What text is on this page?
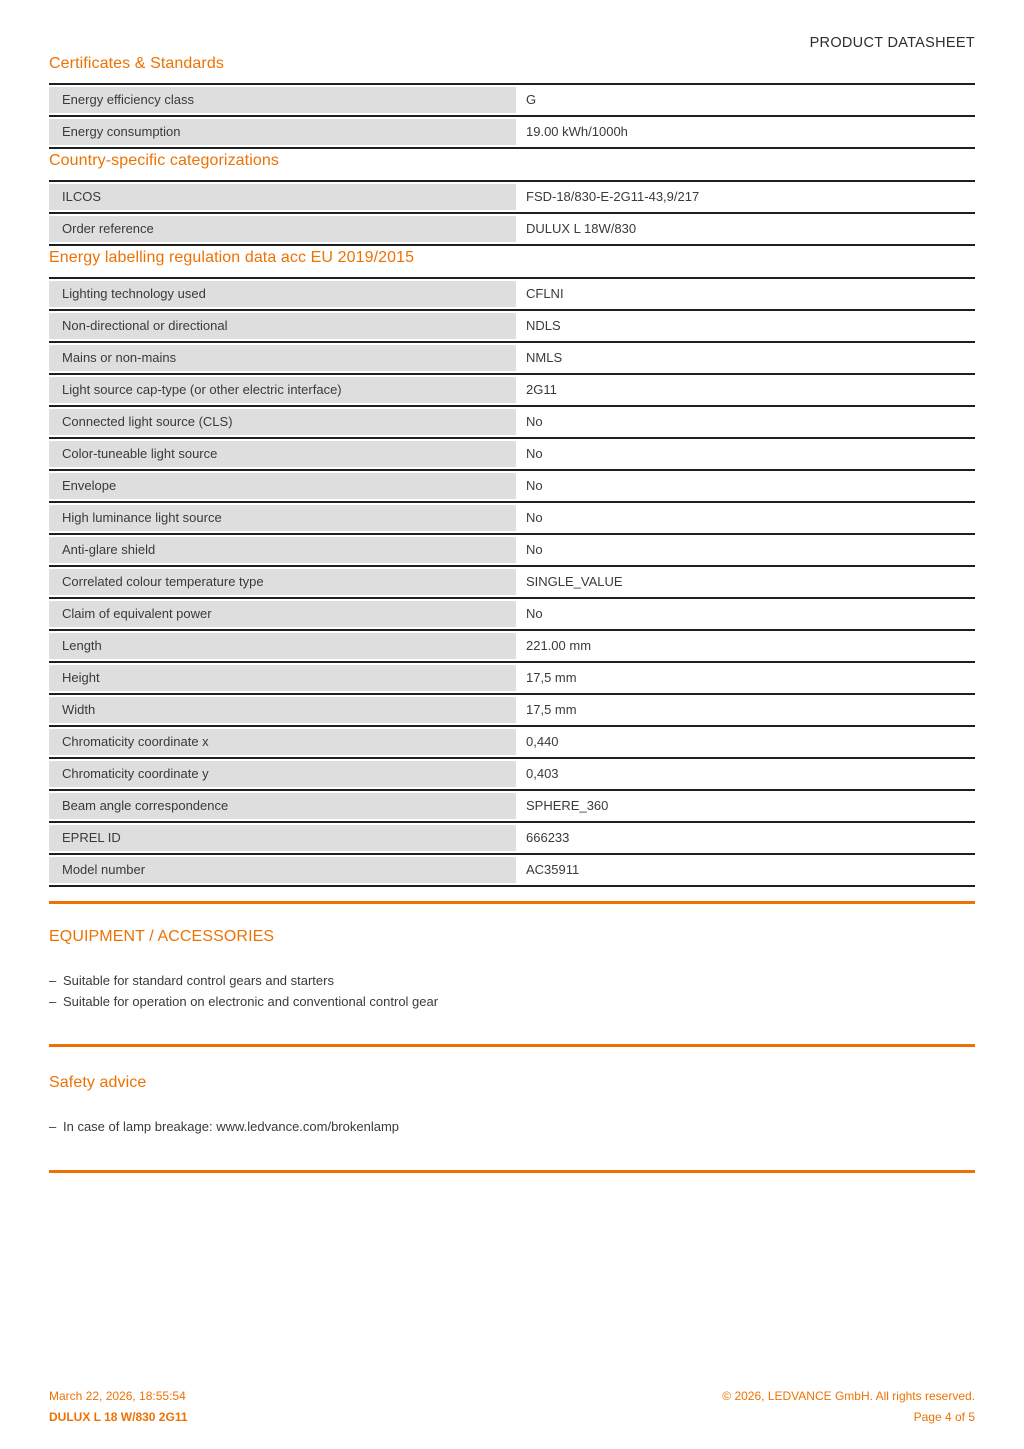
PRODUCT DATASHEET
Certificates & Standards
Energy efficiency class	G
Energy consumption	19.00 kWh/1000h
Country-specific categorizations
ILCOS	FSD-18/830-E-2G11-43,9/217
Order reference	DULUX L 18W/830
Energy labelling regulation data acc EU 2019/2015
Lighting technology used	CFLNI
Non-directional or directional	NDLS
Mains or non-mains	NMLS
Light source cap-type (or other electric interface)	2G11
Connected light source (CLS)	No
Color-tuneable light source	No
Envelope	No
High luminance light source	No
Anti-glare shield	No
Correlated colour temperature type	SINGLE_VALUE
Claim of equivalent power	No
Length	221.00 mm
Height	17,5 mm
Width	17,5 mm
Chromaticity coordinate x	0,440
Chromaticity coordinate y	0,403
Beam angle correspondence	SPHERE_360
EPREL ID	666233
Model number	AC35911
EQUIPMENT / ACCESSORIES
– Suitable for standard control gears and starters
– Suitable for operation on electronic and conventional control gear
Safety advice
– In case of lamp breakage: www.ledvance.com/brokenlamp
March 22, 2026, 18:55:54
DULUX L 18 W/830 2G11
© 2026, LEDVANCE GmbH. All rights reserved.
Page 4 of 5
